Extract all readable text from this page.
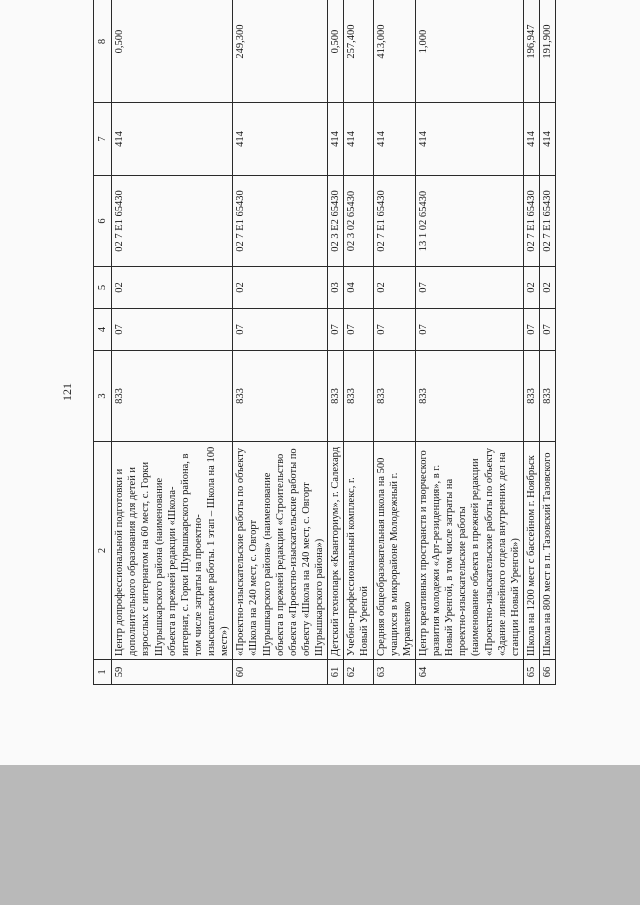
121
1	2	3	4	5	6	7	8
59	Центр допрофессиональной подготовки и дополнительного образования для детей и взрослых с интернатом на 60 мест, с. Горки Шурышкарского района (наименование объекта в прежней редакции «Школа-интернат, с. Горки Шурышкарского района, в том числе затраты на проектно-изыскательские работы. 1 этап – Школа на 100 мест»)	833	07	02	02 7 E1 65430	414	0,500
60	«Проектно-изыскательские работы по объекту «Школа на 240 мест, с. Овгорт Шурышкарского района» (наименование объекта в прежней редакции «Строительство объекта «Проектно-изыскательские работы по объекту «Школа на 240 мест, с. Овгорт Шурышкарского района»)	833	07	02	02 7 E1 65430	414	249,300
61	Детский технопарк «Кванториум», г. Салехард	833	07	03	02 3 E2 65430	414	0,500
62	Учебно-профессиональный комплекс, г. Новый Уренгой	833	07	04	02 3 02 65430	414	257,400
63	Средняя общеобразовательная школа на 500 учащихся в микрорайоне Молодежный г. Муравленко	833	07	02	02 7 E1 65430	414	413,000
64	Центр креативных пространств и творческого развития молодежи «Арт-резиденция», в г. Новый Уренгой, в том числе затраты на проектно-изыскательские работы (наименование объекта в прежней редакции «Проектно-изыскательские работы по объекту «Здание линейного отдела внутренних дел на станции Новый Уренгой»)	833	07	07	13 1 02 65430	414	1,000
65	Школа на 1200 мест с бассейном г. Ноябрьск	833	07	02	02 7 E1 65430	414	196,947
66	Школа на 800 мест в п. Тазовский Тазовского	833	07	02	02 7 E1 65430	414	191,900
